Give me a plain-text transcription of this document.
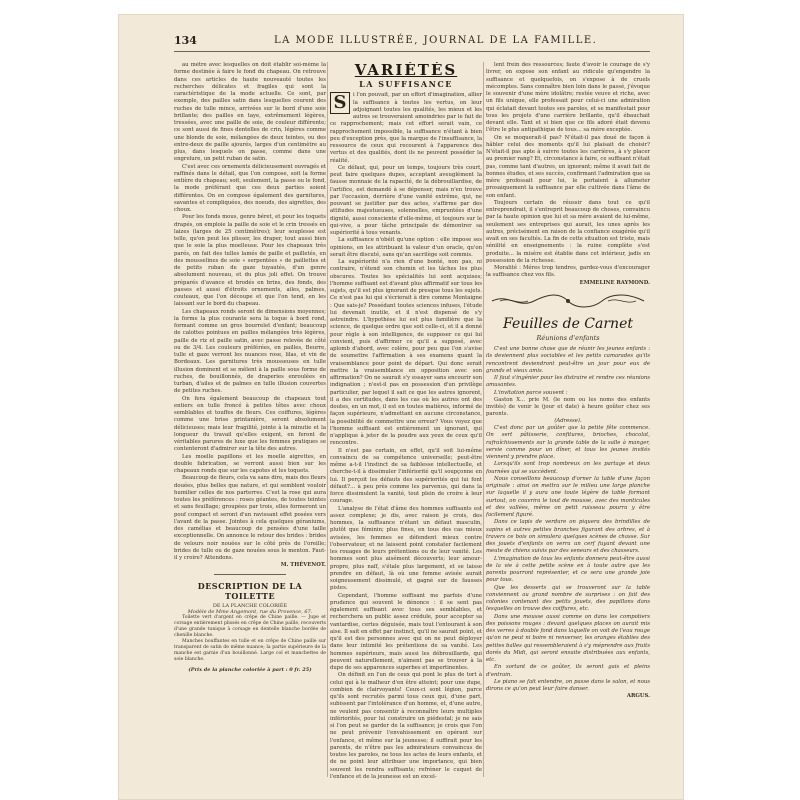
134	LA MODE ILLUSTRÉE, JOURNAL DE LA FAMILLE.

au mètre avec lesquelles on doit établir soi-même la forme destinée à faire le fond du chapeau. On retrouve dans ces articles de haute nouveauté toutes les recherches délicates et fragiles qui sont la caractéristique de la mode actuelle. Ce sont, par exemple, des pailles satin dans lesquelles courent des ruches de tulle mince, arrivées sur le bord d'une soie brillante; des pailles en taye, extrêmement légères, tressées, avec une paille de soie, de couleur différente; ce sont aussi de fines dentelles de crin, légères comme une blonde de soie, mélangées de deux teintes, ou des entre-deux de paille ajourés, larges d'un centimètre au plus, dans lesquels on passe, comme dans une engrelure, un petit ruban de satin.

C'est avec ces ornements délicieusement ouvragés et raffinés dans le détail, que l'on compose, soit la forme entière du chapeau; soit, seulement, la passe ou le fond, la mode préférant que ces deux parties soient différentes. On en compose également des garnitures, savantes et compliquées, des noeuds, des aigrettes, des choux.

Pour les fonds mous, genre béret, et pour les toquets drapés, on emploie la paille de soie et le crin tressés en laizes (larges de 25 centimètres); leur souplesse est telle, qu'on peut les plisser, les draper, tout aussi bien que le soie la plus moelleuse. Pour les chapeaux très parés, on fait des tulles lamés de paille et pailletés, en des mousselines de soie « serpentées » de paillettes et de petits ruban de gaze tuyautés, d'un genre absolument nouveau, et du plus joli effet. On trouve préparés d'avance et brodés en brins, des fonds, des passes et aussi d'étroits ornements, ailes, palmes, couteaux, que l'on découpe et que l'on tend, en les laissant sur le bord du chapeau.

Les chapeaux ronds seront de dimensions moyennes; la forme la plus courante sera la toque à bord rond, formant comme un gros bourrelet d'enfant; beaucoup de calottes pointues en pailles mélangées très légères, paille de riz et paille satin, avec passe relevée de côté ou de 3/4. Les couleurs préférées, en pailles, Beurre, tulle et gaze verront les nuances rose, lilas, et vin de Bordeaux. Les garnitures très mousseuses en tulle illusion dominent et se mêlent à la paille sous forme de ruches, de bouillonnés, de draperies enroulées en turban, d'ailes et de palmes en tulle illusion couvertes de petites ruches.

On fera également beaucoup de chapeaux tout entiers en tulle froncé à petites têtes avec choux semblables et touffes de fleurs. Ces coiffures, légères comme une brise printanière, seront absolument délicieuses; mais leur fragilité, jointe à la minutie et la longueur du travail qu'elles exigent, en feront de véritables parures de luxe que les femmes pratiques se contenteront d'admirer sur la tête des autres.

Les moelle papillons et les moelle aigrettes, en double fabrication, se verront aussi bien sur les chapeaux ronds que sur les capotes et les toquets.

Beaucoup de fleurs, cela va sans dire, mais des fleurs douées, plus belles que nature, et qui semblent vouloir humilier celles de nos parterres. C'est la rose qui aura toutes les préférences : roses géantes, de toutes teintes et sans feuillage; groupées par trois, elles formeront un pouf compact et seront d'un ravissant effet posées vers l'avant de la passe. Jointes à cela quelques géraniums, des camélias et beaucoup de pensées d'une taille exceptionnelle. On annonce le retour des brides : brides de velours noir nouées sur le côté près de l'oreille; brides de tulle ou de gaze nouées sous le menton. Faut-il y croire? Attendons.

M. THÉVENOT.

DESCRIPTION DE LA TOILETTE
DE LA PLANCHE COLORIÉE
Modèle de Mme Angemont, rue du Provence, 67.

Toilette vert d'argent en crêpe de Chine paille. — Jupe et corsage entièrement plissés en crêpe de Chine paille, recouverts d'une grande tunique à corsage en dentelle blanche bordée de chenille blanche.

Manches bouffantes en tulle et en crêpe de Chine paille sur transparent de satin de même nuance; la partie supérieure de la manche est garnie d'un bouillonné. Large col et manchettes de soie blanche.

(Prix de la planche coloriée à part : 0 fr. 25)
VARIÉTÉS
LA SUFFISANCE

S	i l'on pouvait, par un effort d'imagination, allier la suffisance à toutes les vertus, on leur adjoignant toutes les qualités, les mieux et les autres se trouveraient amoindries par le fait de ce rapprochement; mais cet effort serait vain, ce rapprochement impossible, la suffisance n'étant à bien peu d'exception près, que la marque de l'insuffisance, la ressource de ceux qui recourent à l'apparence des vertus et des qualités, dont ils ne peuvent posséder la réalité.

Ce défaut, qui, pour un temps, toujours très court, peut faire quelques dupes, acceptant aveuglément la fausse monnaie de la rapacité, de la débrouillardise, de l'artifice, est demandé à se dépenser, mais n'en trouve par l'occasion, derrière d'une vanité extrême, qui, ne pouvant se justifier par des actes, s'affirme par des attitudes majestueuses, solennelles, empruntées d'une dignité, aussi consciente d'elle-même, et toujours sur le qui-vive, a pour tâche principale de démontrer sa supériorité à tous venants.

La suffisance n'obéit qu'une option : elle impose ses opinions, en les attribuant la valeur d'un oracle, qu'on serait être discuté, sans qu'un sacrilège soit commis.

La supériorité n'a rien d'une bonté, non pas, ni contraire, n'étend son chemin et les tâches les plus obscures. Toutes les spécialités lui sont acquises; l'homme suffisant est d'avant plus affirmatif sur tous les sujets, qu'il est plus ignorant de presque tous les sujets. Ce n'est pas lui qui s'écrierait à dire comme Montaigne : Que sais-je? Possédant toutes sciences infuses, l'étude lui devenait inutile, et il n'est dispensé de s'y astreindre. L'hypothèse lui est plus familière que la science, de quelque ordre que soit celle-ci, et il a donné pour règle à son intelligence, de supposer ce qui lui convient, puis d'affirmer ce qu'il a supposé, avec aplomb d'abord, avec colère, pour peu que l'on s'avise de soumettre l'affirmation à ses examens quant la vraisemblance pour point de départ. Qui donc serait mettre la vraisemblance en opposition avec son affirmation? On ne saurait s'y essayer sans encourir son indignation ; n'est-il pas en possession d'un privilège particulier, par lequel il sait ce que les autres ignorent, il a des certitudes, dans les cas où les autres ont des doutes, en un mot, il est en toutes matières, informé de façon supérieure, n'admettant en aucune circonstance, la possibilité de commettre une erreur? Vous voyez que l'homme suffisant est entièrement un ignorant, qui n'applique à jeter de la poudre aux yeux de ceux qu'il rencontre.

Il n'est pas certain, en effet, qu'il soit lui-même convaincu de sa compétence universelle; peut-être même a-t-il l'instinct de sa faiblesse intellectuelle, et cherche-t-il à dissimuler l'infériorité qu'il soupçonne en lui. Il perçoit les défauts des supériorités qui lui font défaut?... à peu près comme les parvenus, qui dans la force dissimulent la vanité, tout plein de croire à leur courage.

L'analyse de l'état d'âme des hommes suffisants est assez complexe; je dis, avec raison je crois, des hommes, la suffisance n'étant un défaut masculin, plutôt que féminin; plus fines, en tous des cas mieux avisées, les femmes se défendent mieux contre l'observateur, et ne laissent point constater facilement les rouages de leurs prétentions ou de leur vanité. Les hommes sont plus aisément découverts; leur amour-propre, plus naïf, s'étale plus largement, et se laisse prendre en défaut, là où une femme avisée aurait soigneusement dissimulé, et gagné sur de fausses pistes.

Cependant, l'homme suffisant me parfois d'une prudence qui souvent le dénonce : il se sent pas également suffisant avec tous ses semblables, et recherchera un public assez crédule, pour accepter sa vantardise, certes déguisée, mais tout l'entourant à son aise. Il sait en effet par instinct, qu'il ne saurait point, et qu'il est des personnes avec qui on ne peut déployer dans leur intimité les prétentions de sa vanité. Les hommes supérieurs, mais aussi les débrouillards, qui peuvent naturellement, n'aiment pas se trouver à la dupe de ses apparences superbes et impertinentes.

On définit en l'un de ceux qui pont le plus de tort à celui qui à le malheur d'en être atteint; pour une dupe, combien de clairvoyants! Ceux-ci sont légion, parce qu'ils sont recrutés parmi tous ceux qui, d'une part, subissent par l'intolérance d'un homme, et, d'une autre, ne veulent pas consentir à reconnaître leurs multiples infériorités, pour lui construire un piédestal; je ne sais si l'on peut se garder de la suffisance; je crois que l'on ne peut prévenir l'envahissement en opérant sur l'enfance, et même sur la jeunesse; il suffirait pour les parents, de n'être pas les admirateurs convaincus de toutes les paroles, ne tous les actes de leurs enfants, et de ne point leur attribuer une importance, qui bien souvent les rendra suffisants; refréner le cuquet de l'enfance et de la jeunesse est un excel-

lent frein des ressources; faute d'avoir le courage de s'y livrer, on expose son enfant au ridicule qu'engendre la suffisance et quelquefois, on s'expose à de cruels mécomptes. Sans connaître bien loin dans le passé, j'évoque le souvenir d'une mère idolâtre; restée veuve et riche, avec un fils unique, elle professait pour celui-ci une admiration qui éclatait devant toutes ses paroles, et se manifestait pour tous les projets d'une carrière brillante, qu'il ébauchait devant elle. Tant et si bien que ce fils adoré était devenu l'être le plus antipathique de tous... sa mère exceptée.

On se moquerait-il pas? N'était-il pas doué de façon à hâbler celui des moments qu'il lui plaisait de choisir? N'était-il pas apte à suivre toutes les carrières, à s'y placer au premier rang? Et, circonstance à faire, ce suffisant n'était pas, comme tant d'autres, un ignorant; même il avait fait de bonnes études, et ses succès, confirmant l'admiration que sa mère professait pour lui, le portaient à allumeter prosaiquement la suffisance par elle cultivée dans l'âme de son enfant.

Toujours certain de réussir dans tout ce qu'il entreprendrait, il s'entreprit beaucoup de choses, convaincu par la haute opinion que lui et sa mère avaient de lui-même, seulement ses entreprises qui aurait, les unes après les autres, précisément en raison de la confiance exagérée qu'il avait en ses facultés. La fin de cette situation est triste, mais sénilité en enseignements : la ruine complète s'est produite... la misère est établie dans cet intérieur, jadis en possession de la richesse.

Moralité : Méres trop tendres, gardez-vous d'encourager la suffisance chez vos fils.

EMMELINE RAYMOND.

Feuilles de Carnet
Réunions d'enfants

C'est une bonne chose que de réunir les jeunes enfants : ils deviennent plus sociables et les petits camarades qu'ils rencontrent deviendront peut-être un jour pour eux de grands et vieux amis.

Il faut s'ingénier pour les distraire et rendre ces réunions amusantes.

L'invitation parce souvent :

Gaston X... prie M. (le nom ou les noms des enfants invités) de venir le (jour et date) à heure goûter chez ses parents.

(Adresse).

C'est donc par un goûter que la petite fête commence. On sert pâtisserie, confitures, brioches, chocolat, rafraîchissements sur la grande table de la salle à manger, servie comme pour un dîner, et tous les jeunes invités viennent y prendre place.

Lorsqu'ils sont trop nombreux on les partage et deux fournées qui se succèdent.

Nous conseillons beaucoup d'orner la table d'une façon originale : ainsi on mettra sur le milieu une large planche sur laquelle il y aura une toute légère de table formant surtout, on couvrira le tout de mousse, avec des monticules et des vallées, même on petit ruisseau pourra y être facilement figuré.

Dans ce lapis de verdure on piquera des brindilles de sapins et autres petites branches figurant des arbres, et à travers ce bois on simulera quelques scènes de chasse. Sur des jouets d'enfants on verra un cerf fuyant devant une meute de chiens suivis par des veneurs et des chasseurs.

L'imagination de tous les enfants donnera peut-être aussi de la vie à cette petite scène en à toute autre que les parents pourront représenter, et ce sera une grande joie pour tous.

Que les desserts qui se trouveront sur la table conviennent au grand nombre de surprises : on fait des colonies contenant des petits jouets, des papillons dans lesquelles on trouve des coiffures, etc.

Dans une mousse aussi comme on dans les compotiers des poissons rouges : devant quelques places on aurait mis des verres à double fond dans laquelle on voit de l'eau rouge qu'on ne peut ni boire ni renverser, les oranges établies des petites balles qui ressembleraient à s'y méprendre aux fruits dorés du Midi, qui seront ensuite distribuées aux enfants, etc.

En sortant de ce goûter, ils seront gais et pleins d'entrain.

Le piano se fait entendre, on passe dans le salon, et nous dirons ce qu'on peut leur faire danser.

ARGUS.
